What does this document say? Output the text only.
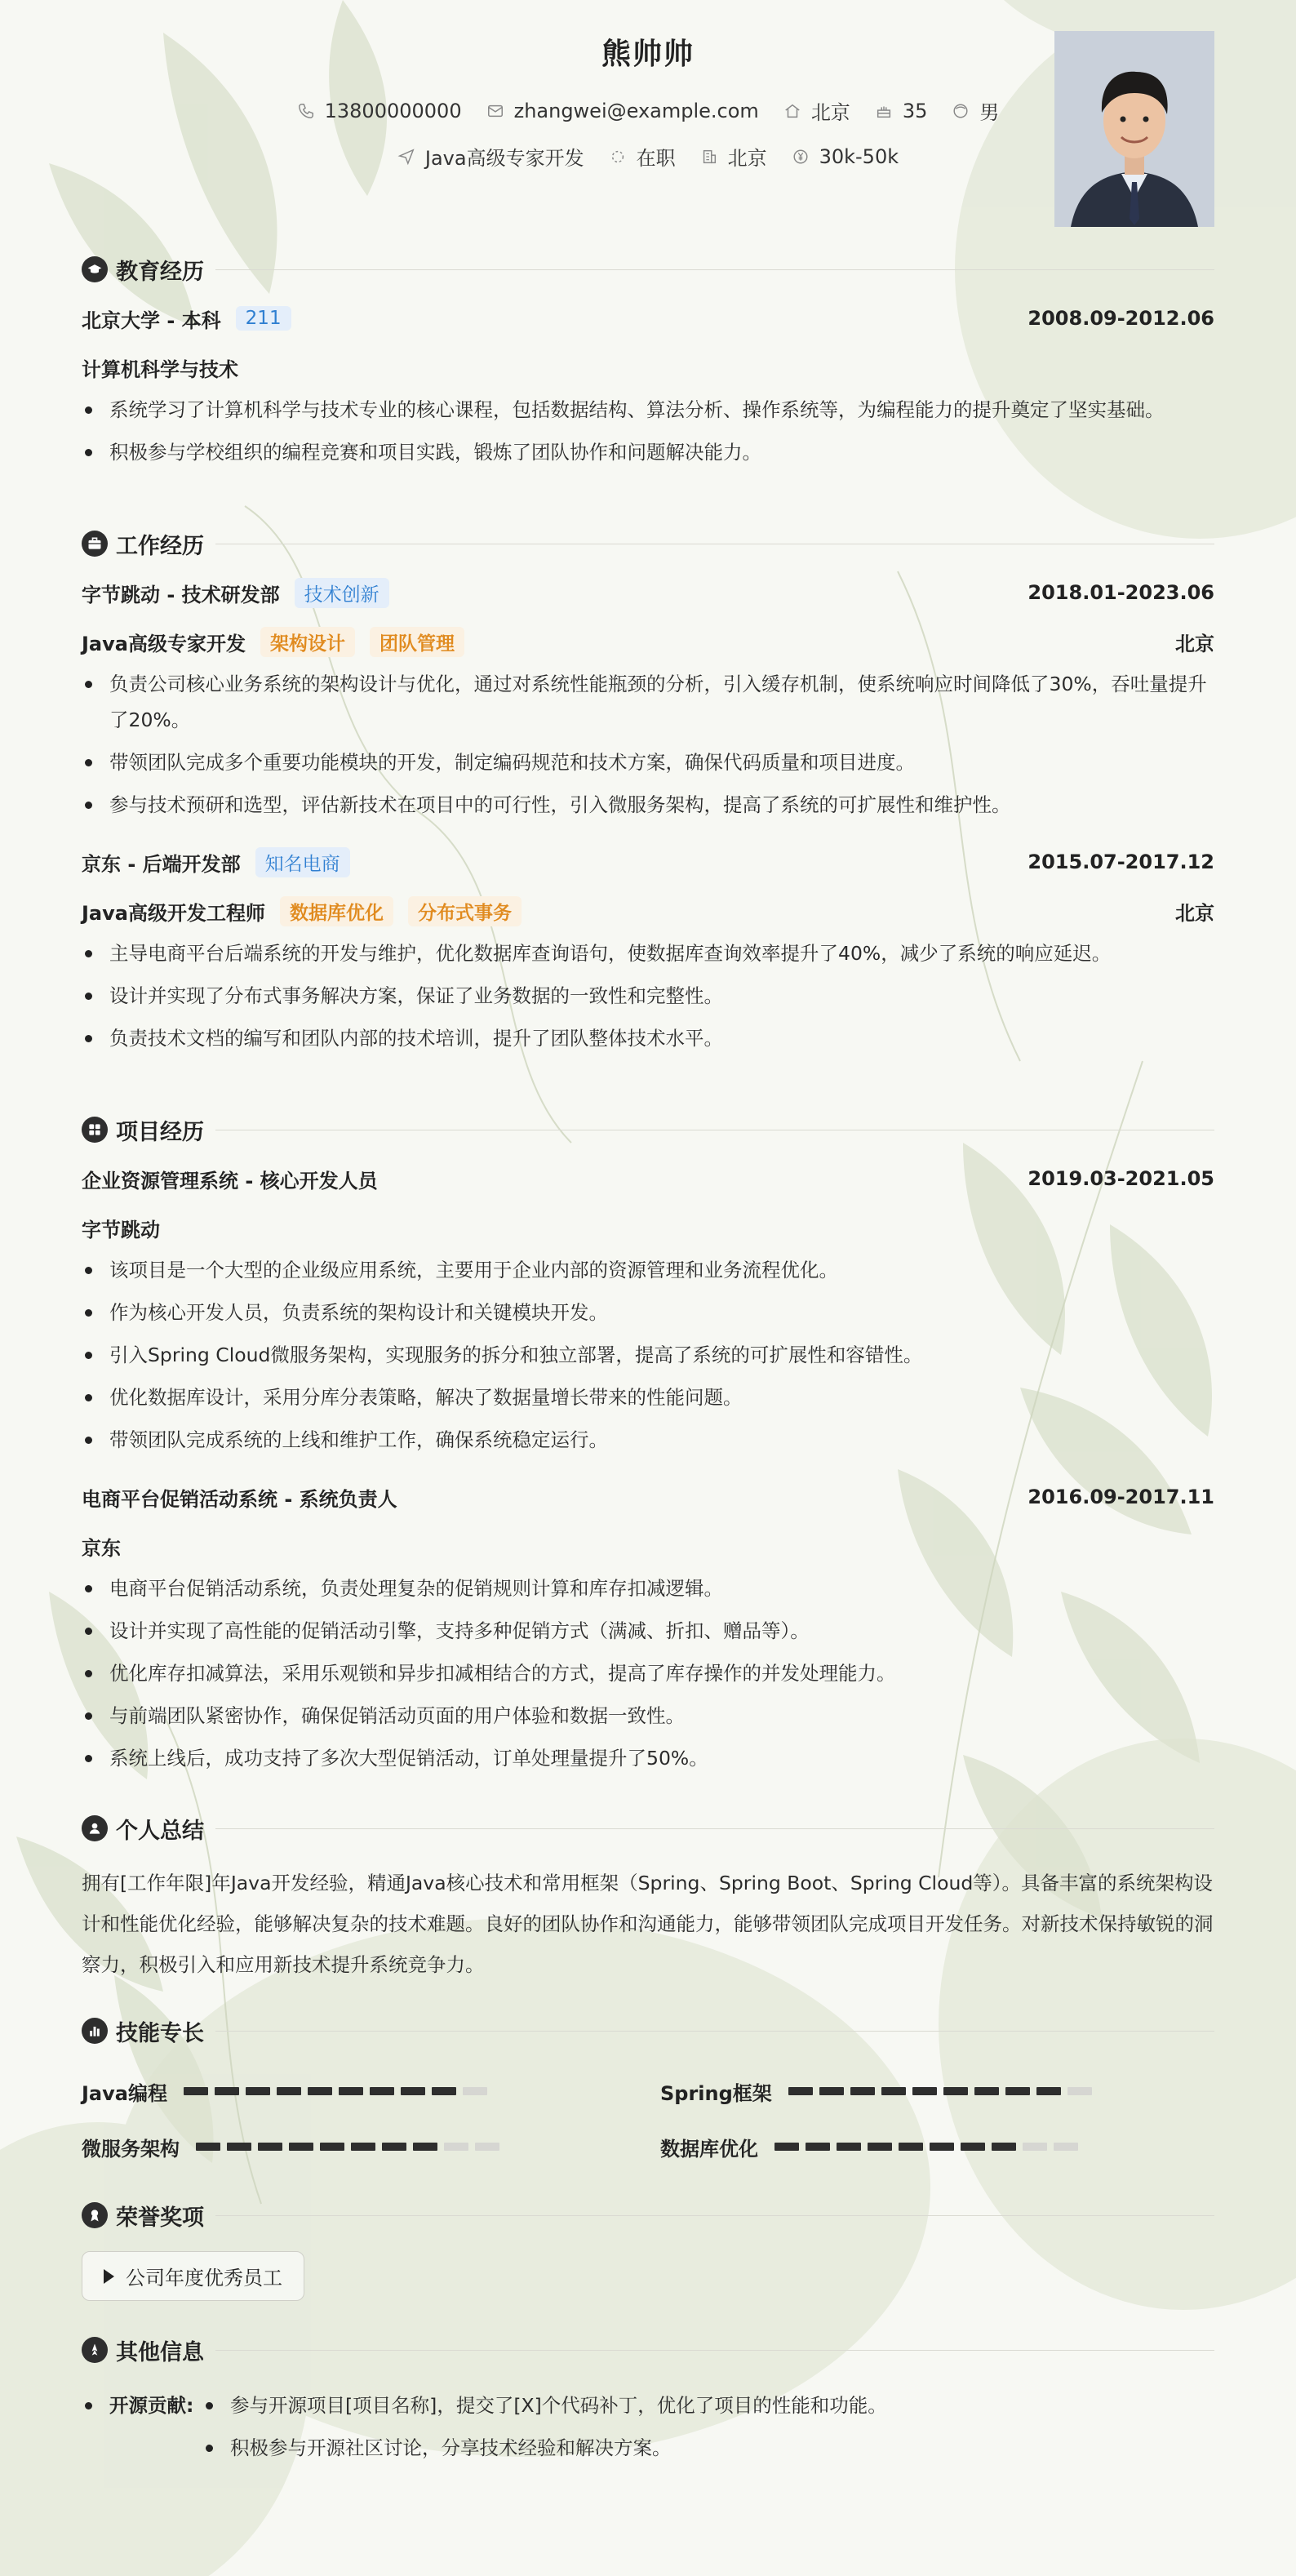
熊帅帅
13800000000	zhangwei@example.com	北京	35	男
Java高级专家开发	在职	北京	30k-50k
教育经历
北京大学 - 本科	211	2008.09-2012.06
计算机科学与技术
系统学习了计算机科学与技术专业的核心课程，包括数据结构、算法分析、操作系统等，为编程能力的提升奠定了坚实基础。
积极参与学校组织的编程竞赛和项目实践，锻炼了团队协作和问题解决能力。
工作经历
字节跳动 - 技术研发部	技术创新	2018.01-2023.06
Java高级专家开发	架构设计	团队管理	北京
负责公司核心业务系统的架构设计与优化，通过对系统性能瓶颈的分析，引入缓存机制，使系统响应时间降低了30%，吞吐量提升了20%。
带领团队完成多个重要功能模块的开发，制定编码规范和技术方案，确保代码质量和项目进度。
参与技术预研和选型，评估新技术在项目中的可行性，引入微服务架构，提高了系统的可扩展性和维护性。
京东 - 后端开发部	知名电商	2015.07-2017.12
Java高级开发工程师	数据库优化	分布式事务	北京
主导电商平台后端系统的开发与维护，优化数据库查询语句，使数据库查询效率提升了40%，减少了系统的响应延迟。
设计并实现了分布式事务解决方案，保证了业务数据的一致性和完整性。
负责技术文档的编写和团队内部的技术培训，提升了团队整体技术水平。
项目经历
企业资源管理系统 - 核心开发人员	2019.03-2021.05
字节跳动
该项目是一个大型的企业级应用系统，主要用于企业内部的资源管理和业务流程优化。
作为核心开发人员，负责系统的架构设计和关键模块开发。
引入Spring Cloud微服务架构，实现服务的拆分和独立部署，提高了系统的可扩展性和容错性。
优化数据库设计，采用分库分表策略，解决了数据量增长带来的性能问题。
带领团队完成系统的上线和维护工作，确保系统稳定运行。
电商平台促销活动系统 - 系统负责人	2016.09-2017.11
京东
电商平台促销活动系统，负责处理复杂的促销规则计算和库存扣减逻辑。
设计并实现了高性能的促销活动引擎，支持多种促销方式（满减、折扣、赠品等）。
优化库存扣减算法，采用乐观锁和异步扣减相结合的方式，提高了库存操作的并发处理能力。
与前端团队紧密协作，确保促销活动页面的用户体验和数据一致性。
系统上线后，成功支持了多次大型促销活动，订单处理量提升了50%。
个人总结
拥有[工作年限]年Java开发经验，精通Java核心技术和常用框架（Spring、Spring Boot、Spring Cloud等）。具备丰富的系统架构设计和性能优化经验，能够解决复杂的技术难题。良好的团队协作和沟通能力，能够带领团队完成项目开发任务。对新技术保持敏锐的洞察力，积极引入和应用新技术提升系统竞争力。
技能专长
Java编程	Spring框架
微服务架构	数据库优化
荣誉奖项
公司年度优秀员工
其他信息
开源贡献: 参与开源项目[项目名称]，提交了[X]个代码补丁，优化了项目的性能和功能。
积极参与开源社区讨论，分享技术经验和解决方案。
